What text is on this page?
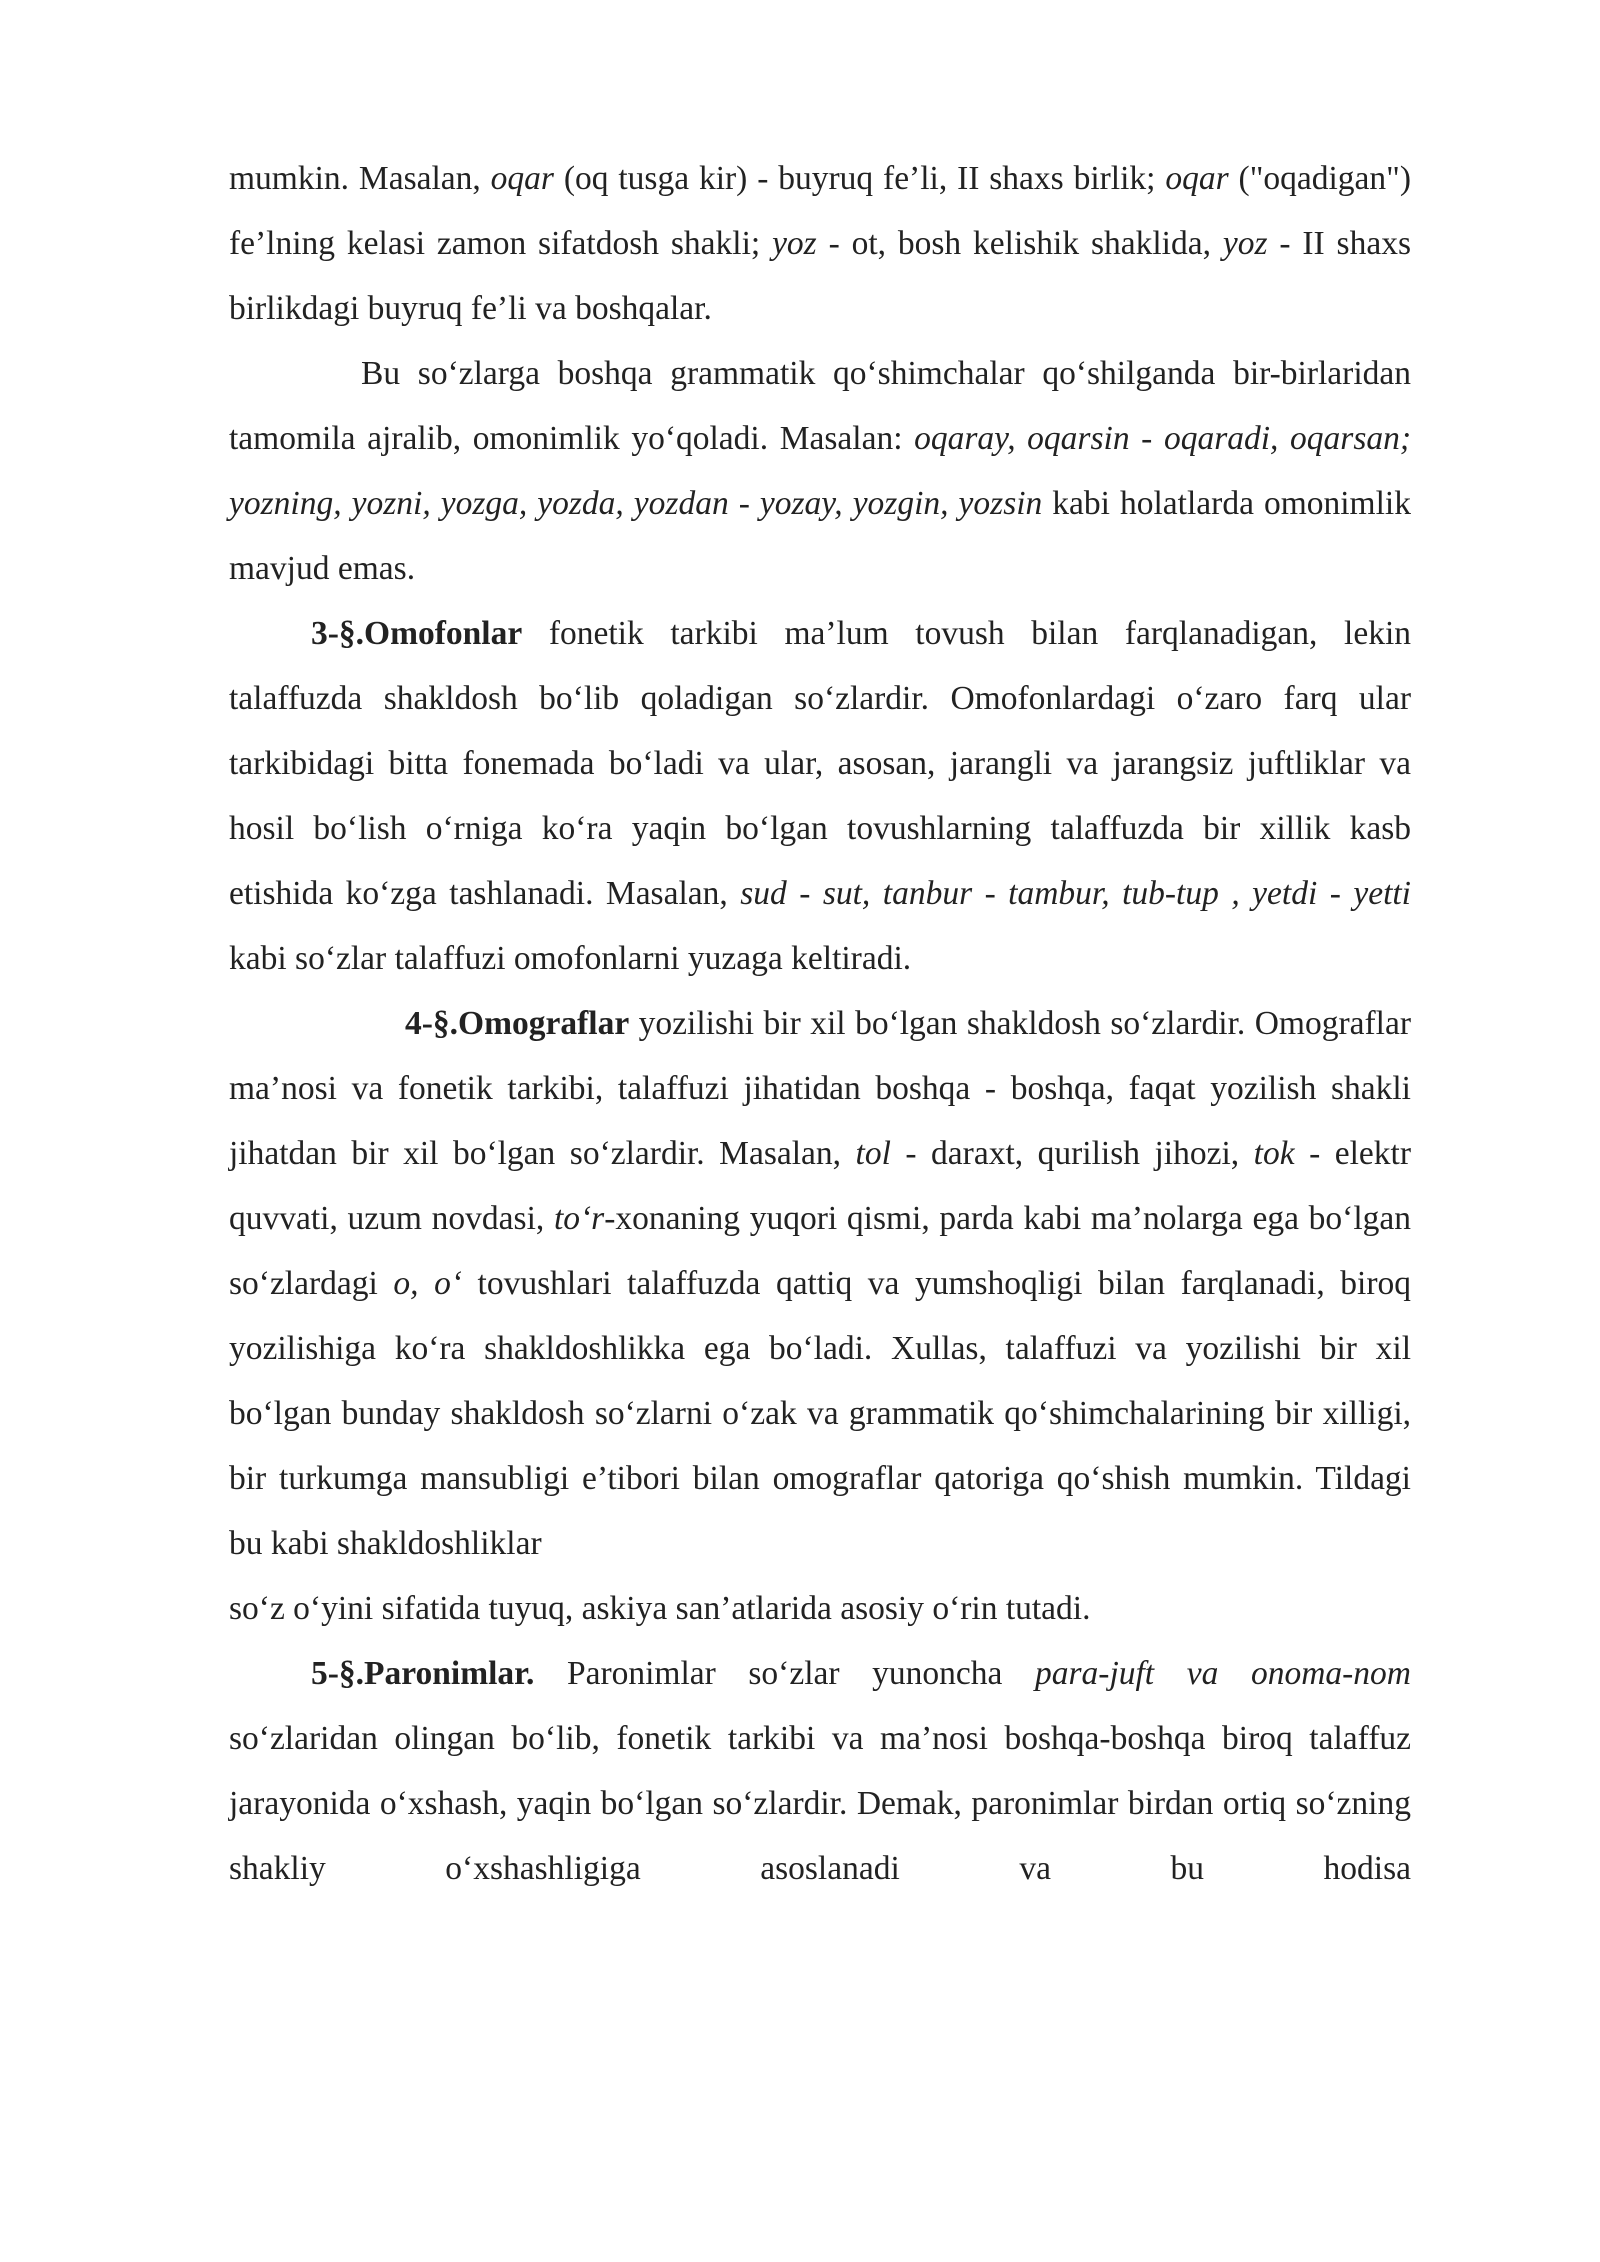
mumkin. Masalan, oqar (oq tusga kir) - buyruq fe’li, II shaxs birlik; oqar ("oqadigan") fe’lning kelasi zamon sifatdosh shakli; yoz - ot, bosh kelishik shaklida, yoz - II shaxs birlikdagi buyruq fe’li va boshqalar.

Bu so‘zlarga boshqa grammatik qo‘shimchalar qo‘shilganda bir-birlaridan tamomila ajralib, omonimlik yo‘qoladi. Masalan: oqaray, oqarsin - oqaradi, oqarsan; yozning, yozni, yozga, yozda, yozdan - yozay, yozgin, yozsin kabi holatlarda omonimlik mavjud emas.

3-§.Omofonlar fonetik tarkibi ma’lum tovush bilan farqlanadigan, lekin talaffuzda shakldosh bo‘lib qoladigan so‘zlardir. Omofonlardagi o‘zaro farq ular tarkibidagi bitta fonemada bo‘ladi va ular, asosan, jarangli va jarangsiz juftliklar va hosil bo‘lish o‘rniga ko‘ra yaqin bo‘lgan tovushlarning talaffuzda bir xillik kasb etishida ko‘zga tashlanadi. Masalan, sud - sut, tanbur - tambur, tub-tup , yetdi - yetti kabi so‘zlar talaffuzi omofonlarni yuzaga keltiradi.

4-§.Omograflar yozilishi bir xil bo‘lgan shakldosh so‘zlardir. Omograflar ma’nosi va fonetik tarkibi, talaffuzi jihatidan boshqa - boshqa, faqat yozilish shakli jihatdan bir xil bo‘lgan so‘zlardir. Masalan, tol - daraxt, qurilish jihozi, tok - elektr quvvati, uzum novdasi, to‘r-xonaning yuqori qismi, parda kabi ma’nolarga ega bo‘lgan so‘zlardagi o, o‘ tovushlari talaffuzda qattiq va yumshoqligi bilan farqlanadi, biroq yozilishiga ko‘ra shakldoshlikka ega bo‘ladi. Xullas, talaffuzi va yozilishi bir xil bo‘lgan bunday shakldosh so‘zlarni o‘zak va grammatik qo‘shimchalarining bir xilligi, bir turkumga mansubligi e’tibori bilan omograflar qatoriga qo‘shish mumkin. Tildagi bu kabi shakldoshliklar

so‘z o‘yini sifatida tuyuq, askiya san’atlarida asosiy o‘rin tutadi.

5-§.Paronimlar. Paronimlar so‘zlar yunoncha para-juft va onoma-nom so‘zlaridan olingan bo‘lib, fonetik tarkibi va ma’nosi boshqa-boshqa biroq talaffuz jarayonida o‘xshash, yaqin bo‘lgan so‘zlardir. Demak, paronimlar birdan ortiq so‘zning shakliy o‘xshashligiga asoslanadi va bu hodisa
